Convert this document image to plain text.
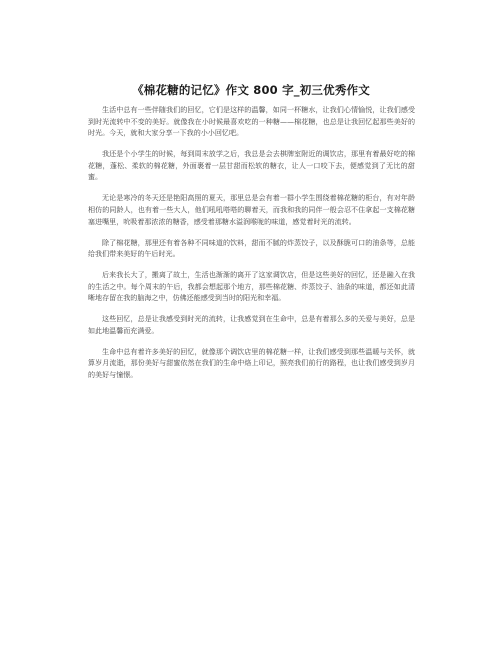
《棉花糖的记忆》作文 800 字_初三优秀作文

生活中总有一些伴随我们的回忆，它们是这样的温馨，如同一杯糖水，让我们心情愉悦，让我们感受到时光流转中不变的美好。就像我在小时候最喜欢吃的一种糖——棉花糖，也总是让我回忆起那些美好的时光。今天，就和大家分享一下我的小小回忆吧。

我还是个小学生的时候，每到周末放学之后，我总是会去棋牌室附近的调饮店，那里有着最好吃的棉花糖，蓬松、柔软的棉花糖，外面裹着一层甘甜而松软的糖衣，让人一口咬下去，便感觉到了无比的甜蜜。

无论是寒冷的冬天还是艳阳高照的夏天，那里总是会有着一群小学生围绕着棉花糖的柜台，有对年龄相仿的同龄人，也有着一些大人，他们吼吼嗒嗒的聊着天，而我和我的同伴一般会忍不住拿起一支棉花糖塞进嘴里，吮吸着那浓浓的糖香，感受着那糖水溢润喉咙的味道，感觉着时光的流转。

除了棉花糖，那里还有着各种不同味道的饮料，甜而不腻的炸蒸饺子，以及酥脆可口的油条等，总能给我们带来美好的午后时光。

后来我长大了，搬离了故土，生活也渐渐的离开了这家调饮店，但是这些美好的回忆，还是融入在我的生活之中。每个周末的午后，我都会想起那个地方，那些棉花糖、炸蒸饺子、油条的味道，都还如此清晰地存留在我的脑海之中，仿佛还能感受到当时的阳光和幸福。

这些回忆，总是让我感受到时光的流转，让我感觉到在生命中，总是有着那么多的关爱与美好，总是如此地温馨而充满爱。

生命中总有着许多美好的回忆，就像那个调饮店里的棉花糖一样，让我们感受到那些温暖与关怀，就算岁月流逝，那份美好与甜蜜依然在我们的生命中烙上印记，照亮我们前行的路程，也让我们感受到岁月的美好与憧憬。
